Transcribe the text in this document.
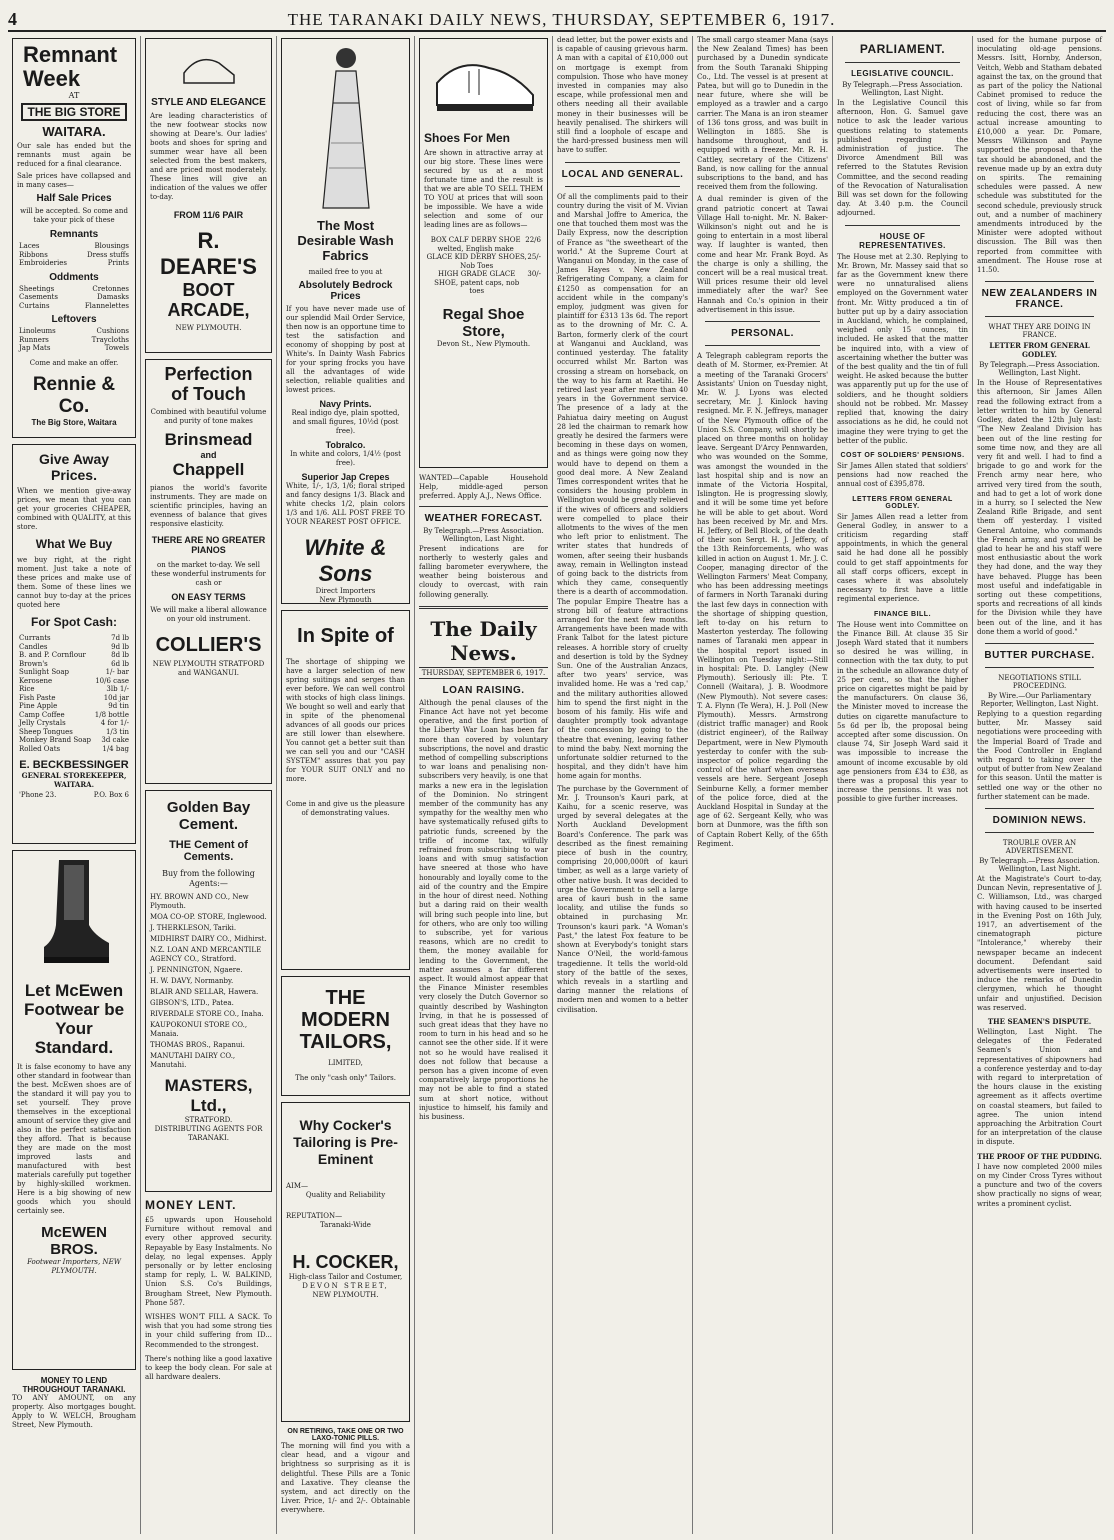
4	THE TARANAKI DAILY NEWS, THURSDAY, SEPTEMBER 6, 1917.
Remnant
Week
AT
THE BIG STORE
WAITARA.
Our sale has ended but the remnants must again be reduced for a final clearance.
Sale prices have collapsed and in many cases—
Half Sale Prices
will be accepted. So come and take your pick of these
Remnants
Laces	Blousings
Ribbons	Dress stuffs
Embroideries	Prints
Oddments
Sheetings	Cretonnes
Casements	Damasks
Curtains	Flannelettes
Leftovers
Linoleums	Cushions
Runners	Traycloths
Jap Mats	Towels
Come and make an offer.
Rennie & Co.
The Big Store, Waitara
Give Away Prices.
When we mention give-away prices, we mean that you can get your groceries CHEAPER, combined with QUALITY, at this store.
What We Buy
we buy right, at the right moment. Just take a note of these prices and make use of them. Some of these lines we cannot buy to-day at the prices quoted here
For Spot Cash:
Currants	7d lb
Candles	9d lb
B. and P. Cornflour	8d lb
Brown's	6d lb
Sunlight Soap	1/- bar
Kerosene	10/6 case
Rice	3lb 1/-
Fish Paste	10d jar
Pine Apple	9d tin
Camp Coffee	1/8 bottle
Jelly Crystals	4 for 1/-
Sheep Tongues	1/3 tin
Monkey Brand Soap 3d cake
Rolled Oats	1/4 bag
E. BECKBESSINGER
GENERAL STOREKEEPER,
WAITARA.
'Phone 23.	P.O. Box 6
Let McEwen Footwear be Your Standard.
It is false economy to have any other standard in footwear than the best. McEwen shoes are of the standard it will pay you to set yourself. They prove themselves in the exceptional amount of service they give and also in the perfect satisfaction they afford. That is because they are made on the most improved lasts and manufactured with best materials carefully put together by highly-skilled workmen. Here is a big showing of new goods which you should certainly see.
McEWEN BROS.
Footwear Importers, NEW PLYMOUTH.
MONEY TO LEND THROUGHOUT TARANAKI.
TO ANY AMOUNT, on any property. Also mortgages bought. Apply to W. WELCH, Brougham Street, New Plymouth.
STYLE AND ELEGANCE
Are leading characteristics of the new footwear stocks now showing at Deare's. Our ladies' boots and shoes for spring and summer wear have all been selected from the best makers, and are priced most moderately. These lines will give an indication of the values we offer to-day.
FROM 11/6 PAIR
R. DEARE'S
BOOT ARCADE,
NEW PLYMOUTH.
Perfection
of Touch
Combined with beautiful volume and purity of tone makes
Brinsmead
and
Chappell
pianos the world's favorite instruments. They are made on scientific principles, having an evenness of balance that gives responsive elasticity.
THERE ARE NO GREATER PIANOS
on the market to-day. We sell these wonderful instruments for cash or
ON EASY TERMS
We will make a liberal allowance on your old instrument.
COLLIER'S
NEW PLYMOUTH STRATFORD and WANGANUI.
Golden Bay Cement.
THE Cement of Cements.
Buy from the following Agents:—
HY. BROWN AND CO., New Plymouth.
MOA CO-OP. STORE, Inglewood.
J. THERKLESON, Tariki.
MIDHIRST DAIRY CO., Midhirst.
N.Z. LOAN AND MERCANTILE AGENCY CO., Stratford.
J. PENNINGTON, Ngaere.
H. W. DAVY, Normanby.
BLAIR AND SELLAR, Hawera.
GIBSON'S, LTD., Patea.
RIVERDALE STORE CO., Inaha.
KAUPOKONUI STORE CO., Manaia.
THOMAS BROS., Rapanui.
MANUTAHI DAIRY CO., Manutahi.
MASTERS, Ltd.,
STRATFORD.
DISTRIBUTING AGENTS FOR TARANAKI.
MONEY LENT.
£5 upwards upon Household Furniture without removal and every other approved security. Repayable by Easy Instalments. No delay, no legal expenses. Apply personally or by letter enclosing stamp for reply, L. W. BALKIND, Union S.S. Co's Buildings, Brougham Street, New Plymouth. Phone 587.
WISHES WON'T FILL A SACK. To wish that you had some strong ties in your child suffering from ID... Recommended to the strongest.
There's nothing like a good laxative to keep the body clean. For sale at all hardware dealers.
The Most Desirable Wash Fabrics
mailed free to you at
Absolutely Bedrock Prices
If you have never made use of our splendid Mail Order Service, then now is an opportune time to test the satisfaction and economy of shopping by post at White's. In Dainty Wash Fabrics for your spring frocks you have all the advantages of wide selection, reliable qualities and lowest prices.
Navy Prints.
Real indigo dye, plain spotted, and small figures, 10½d (post free).
Tobralco.
In white and colors, 1/4½ (post free).
Superior Jap Crepes
White, 1/-, 1/3, 1/6; floral striped and fancy designs 1/3. Black and white checks 1/2, plain colors 1/3 and 1/6. ALL POST FREE TO YOUR NEAREST POST OFFICE.
White & Sons
Direct Importers
New Plymouth
In Spite of
The shortage of shipping we have a larger selection of new spring suitings and serges than ever before. We can well control with stocks of high class linings. We bought so well and early that in spite of the phenomenal advances of all goods our prices are still lower than elsewhere. You cannot get a better suit than we can sell you and our "CASH SYSTEM" assures that you pay for YOUR SUIT ONLY and no more.
Come in and give us the pleasure of demonstrating values.
THE MODERN TAILORS,
LIMITED,
The only "cash only" Tailors.
Why Cocker's Tailoring is Pre-Eminent
AIM—
Quality and Reliability
REPUTATION—
Taranaki-Wide
H. COCKER,
High-class Tailor and Costumer,
DEVON STREET,
NEW PLYMOUTH.
ON RETIRING, TAKE ONE OR TWO LAXO-TONIC PILLS.
The morning will find you with a clear head, and a vigour and brightness so surprising as it is delightful. These Pills are a Tonic and Laxative. They cleanse the system, and act directly on the Liver. Price, 1/- and 2/-. Obtainable everywhere.
Shoes For Men
Are shown in attractive array at our big store. These lines were secured by us at a most fortunate time and the result is that we are able TO SELL THEM TO YOU at prices that will soon be impossible. We have a wide selection and some of our leading lines are as follows—
BOX CALF DERBY SHOE welted, English make
22/6
GLACE KID DERBY SHOES, Nob Toes
25/-
HIGH GRADE GLACE SHOE, patent caps, nob toes
30/-
Regal Shoe Store,
Devon St., New Plymouth.
WANTED—Capable Household Help, middle-aged person preferred. Apply A.J., News Office.
WEATHER FORECAST.
By Telegraph.—Press Association. Wellington, Last Night.
Present indications are for northerly to westerly gales and falling barometer everywhere, the weather being boisterous and cloudy to overcast, with rain following generally.
The Daily News.
THURSDAY, SEPTEMBER 6, 1917.
LOAN RAISING.
Although the penal clauses of the Finance Act have not yet become operative, and the first portion of the Liberty War Loan has been far more than covered by voluntary subscriptions, the novel and drastic method of compelling subscriptions to war loans and penalising non-subscribers very heavily, is one that marks a new era in the legislation of the Dominion. No stringent member of the community has any sympathy for the wealthy men who have systematically refused gifts to patriotic funds, screened by the trifle of income tax, wilfully refrained from subscribing to war loans and with smug satisfaction have sneered at those who have honourably and loyally come to the aid of the country and the Empire in the hour of direst need. Nothing but a daring raid on their wealth will bring such people into line, but for others, who are only too willing to subscribe, yet for various reasons, which are no credit to them, the money available for lending to the Government, the matter assumes a far different aspect. It would almost appear that the Finance Minister resembles very closely the Dutch Governor so quaintly described by Washington Irving, in that he is possessed of such great ideas that they have no room to turn in his head and so he cannot see the other side. If it were not so he would have realised it does not follow that because a person has a given income of even comparatively large proportions he may not be able to find a stated sum at short notice, without injustice to himself, his family and his business.
dead letter, but the power exists and is capable of causing grievous harm. A man with a capital of £10,000 out on mortgage is exempt from compulsion. Those who have money invested in companies may also escape, while professional men and others needing all their available money in their businesses will be heavily penalised. The shirkers will still find a loophole of escape and the hard-pressed business men will have to suffer.
LOCAL AND GENERAL.
Of all the compliments paid to their country during the visit of M. Vivian and Marshal Joffre to America, the one that touched them most was the Daily Express, now the description of France as "the sweetheart of the world." At the Supreme Court at Wanganui on Monday, in the case of James Hayes v. New Zealand Refrigerating Company, a claim for £1250 as compensation for an accident while in the company's employ, judgment was given for plaintiff for £313 13s 6d. The report as to the drowning of Mr. C. A. Barton, formerly clerk of the court at Wanganui and Auckland, was continued yesterday. The fatality occurred whilst Mr. Barton was crossing a stream on horseback, on the way to his farm at Raetihi. He retired last year after more than 40 years in the Government service. The presence of a lady at the Pahiatua dairy meeting on August 28 led the chairman to remark how greatly he desired the farmers were becoming in these days on women, and as things were going now they would have to depend on them a good deal more. A New Zealand Times correspondent writes that he considers the housing problem in Wellington would be greatly relieved if the wives of officers and soldiers were compelled to place their allotments to the wives of the men who left prior to enlistment. The writer states that hundreds of women, after seeing their husbands away, remain in Wellington instead of going back to the districts from which they came, consequently there is a dearth of accommodation. The popular Empire Theatre has a strong bill of feature attractions arranged for the next few months. Arrangements have been made with Frank Talbot for the latest picture releases. A horrible story of cruelty and desertion is told by the Sydney Sun. One of the Australian Anzacs, after two years' service, was invalided home. He was a 'red cap,' and the military authorities allowed him to spend the first night in the bosom of his family. His wife and daughter promptly took advantage of the concession by going to the theatre that evening, leaving father to mind the baby. Next morning the unfortunate soldier returned to the hospital, and they didn't have him home again for months.
The purchase by the Government of Mr. J. Trounson's Kauri park, at Kaihu, for a scenic reserve, was urged by several delegates at the North Auckland Development Board's Conference. The park was described as the finest remaining piece of bush in the country, comprising 20,000,000ft of kauri timber, as well as a large variety of other native bush. It was decided to urge the Government to sell a large area of kauri bush in the same locality, and utilise the funds so obtained in purchasing Mr. Trounson's kauri park. "A Woman's Past," the latest Fox feature to be shown at Everybody's tonight stars Nance O'Neil, the world-famous tragedienne. It tells the world-old story of the battle of the sexes, which reveals in a startling and daring manner the relations of modern men and women to a better civilisation.
The small cargo steamer Mana (says the New Zealand Times) has been purchased by a Dunedin syndicate from the South Taranaki Shipping Co., Ltd. The vessel is at present at Patea, but will go to Dunedin in the near future, where she will be employed as a trawler and a cargo carrier. The Mana is an iron steamer of 136 tons gross, and was built in Wellington in 1885. She is handsome throughout, and is equipped with a freezer. Mr. R. H. Cattley, secretary of the Citizens' Band, is now calling for the annual subscriptions to the band, and has received them from the following.
A dual reminder is given of the grand patriotic concert at Tawai Village Hall to-night. Mr. N. Baker-Wilkinson's night out and he is going to entertain in a most liberal way. If laughter is wanted, then come and hear Mr. Frank Boyd. As the charge is only a shilling, the concert will be a real musical treat. Will prices resume their old level immediately after the war? See Hannah and Co.'s opinion in their advertisement in this issue.
PERSONAL.
A Telegraph cablegram reports the death of M. Stormer, ex-Premier. At a meeting of the Taranaki Grocers' Assistants' Union on Tuesday night, Mr. W. J. Lyons was elected secretary, Mr. J. Kinlock having resigned. Mr. F. N. Jeffreys, manager of the New Plymouth office of the Union S.S. Company, will shortly be placed on three months on holiday leave. Sergeant D'Arcy Pennwarden, who was wounded on the Somme, was amongst the wounded in the last hospital ship and is now an inmate of the Victoria Hospital, Islington. He is progressing slowly, and it will be some time yet before he will be able to get about. Word has been received by Mr. and Mrs. H. Jeffery, of Bell Block, of the death of their son Sergt. H. J. Jeffery, of the 13th Reinforcements, who was killed in action on August 1. Mr. J. C. Cooper, managing director of the Wellington Farmers' Meat Company, who has been addressing meetings of farmers in North Taranaki during the last few days in connection with the shortage of shipping question, left to-day on his return to Masterton yesterday. The following names of Taranaki men appear in the hospital report issued in Wellington on Tuesday night:—Still in hospital: Pte. D. Langley (New Plymouth). Seriously ill: Pte. T. Connell (Waitara), J. B. Woodmore (New Plymouth). Not severe cases: T. A. Flynn (Te Wera), H. J. Poll (New Plymouth). Messrs. Armstrong (district traffic manager) and Rook (district engineer), of the Railway Department, were in New Plymouth yesterday to confer with the sub-inspector of police regarding the control of the wharf when overseas vessels are here. Sergeant Joseph Seinburne Kelly, a former member of the police force, died at the Auckland Hospital in Sunday at the age of 62. Sergeant Kelly, who was born at Dunmore, was the fifth son of Captain Robert Kelly, of the 65th Regiment.
PARLIAMENT.
LEGISLATIVE COUNCIL.
By Telegraph.—Press Association. Wellington, Last Night.
In the Legislative Council this afternoon, Hon. G. Samuel gave notice to ask the leader various questions relating to statements published regarding the administration of justice. The Divorce Amendment Bill was referred to the Statutes Revision Committee, and the second reading of the Revocation of Naturalisation Bill was set down for the following day. At 3.40 p.m. the Council adjourned.
HOUSE OF REPRESENTATIVES.
The House met at 2.30. Replying to Mr. Brown, Mr. Massey said that so far as the Government knew there were no unnaturalised aliens employed on the Government water front. Mr. Witty produced a tin of butter put up by a dairy association in Auckland, which, he complained, weighed only 15 ounces, tin included. He asked that the matter be inquired into, with a view of ascertaining whether the butter was of the best quality and the tin of full weight. He asked because the butter was apparently put up for the use of soldiers, and he thought soldiers should not be robbed. Mr. Massey replied that, knowing the dairy associations as he did, he could not imagine they were trying to get the better of the public.
COST OF SOLDIERS' PENSIONS.
Sir James Allen stated that soldiers' pensions had now reached the annual cost of £395,878.
LETTERS FROM GENERAL GODLEY.
Sir James Allen read a letter from General Godley, in answer to a criticism regarding staff appointments, in which the general said he had done all he possibly could to get staff appointments for all staff corps officers, except in cases where it was absolutely necessary to first have a little regimental experience.
FINANCE BILL.
The House went into Committee on the Finance Bill. At clause 35 Sir Joseph Ward stated that it numbers so desired he was willing, in connection with the tax duty, to put in the schedule an allowance duty of 25 per cent., so that the higher price on cigarettes might be paid by the manufacturers. On clause 36, the Minister moved to increase the duties on cigarette manufacture to 5s 6d per lb, the proposal being accepted after some discussion. On clause 74, Sir Joseph Ward said it was impossible to increase the amount of income excusable by old age pensioners from £34 to £38, as there was a proposal this year to increase the pensions. It was not possible to give further increases.
used for the humane purpose of inoculating old-age pensions. Messrs. Isitt, Hornby, Anderson, Veitch, Webb and Statham debated against the tax, on the ground that as part of the policy the National Cabinet promised to reduce the cost of living, while so far from reducing the cost, there was an actual increase amounting to £10,000 a year. Dr. Pomare, Messrs Wilkinson and Payne supported the proposal that the tax should be abandoned, and the revenue made up by an extra duty on spirits. The remaining schedules were passed. A new schedule was substituted for the second schedule, previously struck out, and a number of machinery amendments introduced by the Minister were adopted without discussion. The Bill was then reported from committee with amendment. The House rose at 11.50.
NEW ZEALANDERS IN FRANCE.
WHAT THEY ARE DOING IN FRANCE.
LETTER FROM GENERAL GODLEY.
By Telegraph.—Press Association. Wellington, Last Night.
In the House of Representatives this afternoon, Sir James Allen read the following extract from a letter written to him by General Godley, dated the 12th July last: "The New Zealand Division has been out of the line resting for some time now, and they are all very fit and well. I had to find a brigade to go and work for the French army near here, who arrived very tired from the south, and had to get a lot of work done in a hurry, so I selected the New Zealand Rifle Brigade, and sent them off yesterday. I visited General Antoine, who commands the French army, and you will be glad to hear he and his staff were most enthusiastic about the work they had done, and the way they have behaved. Plugge has been most useful and indefatigable in sorting out these competitions, sports and recreations of all kinds for the Division while they have been out of the line, and it has done them a world of good."
BUTTER PURCHASE.
NEGOTIATIONS STILL PROCEEDING.
By Wire.—Our Parliamentary Reporter, Wellington, Last Night.
Replying to a question regarding butter, Mr. Massey said negotiations were proceeding with the Imperial Board of Trade and the Food Controller in England with regard to taking over the output of butter from New Zealand for this season. Until the matter is settled one way or the other no further statement can be made.
DOMINION NEWS.
TROUBLE OVER AN ADVERTISEMENT.
By Telegraph.—Press Association. Wellington, Last Night.
At the Magistrate's Court to-day, Duncan Nevin, representative of J. C. Williamson, Ltd., was charged with having caused to be inserted in the Evening Post on 16th July, 1917, an advertisement of the cinematograph picture "Intolerance," whereby their newspaper became an indecent document. Defendant said advertisements were inserted to induce the remarks of Dunedin clergymen, which he thought unfair and unjustified. Decision was reserved.
THE SEAMEN'S DISPUTE.
Wellington, Last Night. The delegates of the Federated Seamen's Union and representatives of shipowners had a conference yesterday and to-day with regard to interpretation of the hours clause in the existing agreement as it affects overtime on coastal steamers, but failed to agree. The union intend approaching the Arbitration Court for an interpretation of the clause in dispute.
THE PROOF OF THE PUDDING.
I have now completed 2000 miles on my Cinder Cross Tyres without a puncture and two of the covers show practically no signs of wear, writes a prominent cyclist.
